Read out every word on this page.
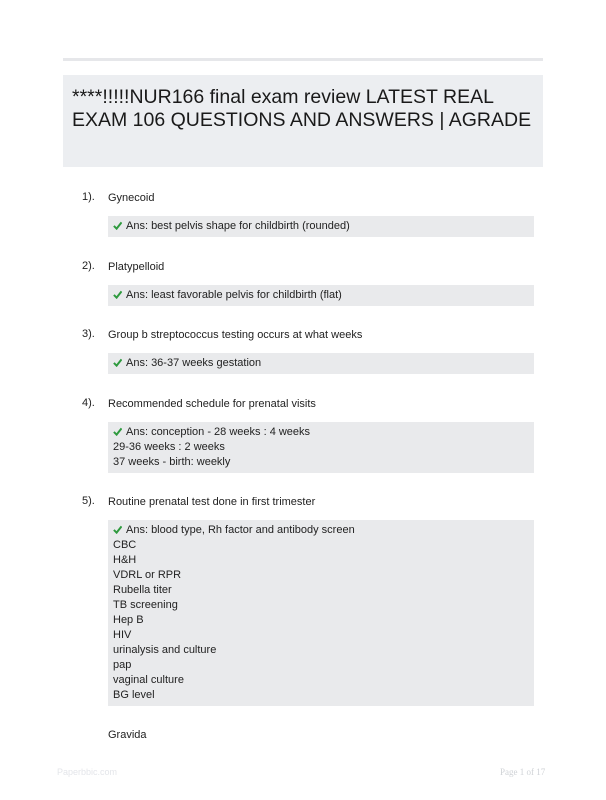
****!!!!!NUR166 final exam review LATEST REAL EXAM 106 QUESTIONS AND ANSWERS | AGRADE
1). Gynecoid
Ans: best pelvis shape for childbirth (rounded)
2). Platypelloid
Ans: least favorable pelvis for childbirth (flat)
3). Group b streptococcus testing occurs at what weeks
Ans: 36-37 weeks gestation
4). Recommended schedule for prenatal visits
Ans: conception - 28 weeks : 4 weeks
29-36 weeks : 2 weeks
37 weeks - birth: weekly
5). Routine prenatal test done in first trimester
Ans: blood type, Rh factor and antibody screen
CBC
H&H
VDRL or RPR
Rubella titer
TB screening
Hep B
HIV
urinalysis and culture
pap
vaginal culture
BG level
Gravida
Paperbbic.com	Page 1 of 17
